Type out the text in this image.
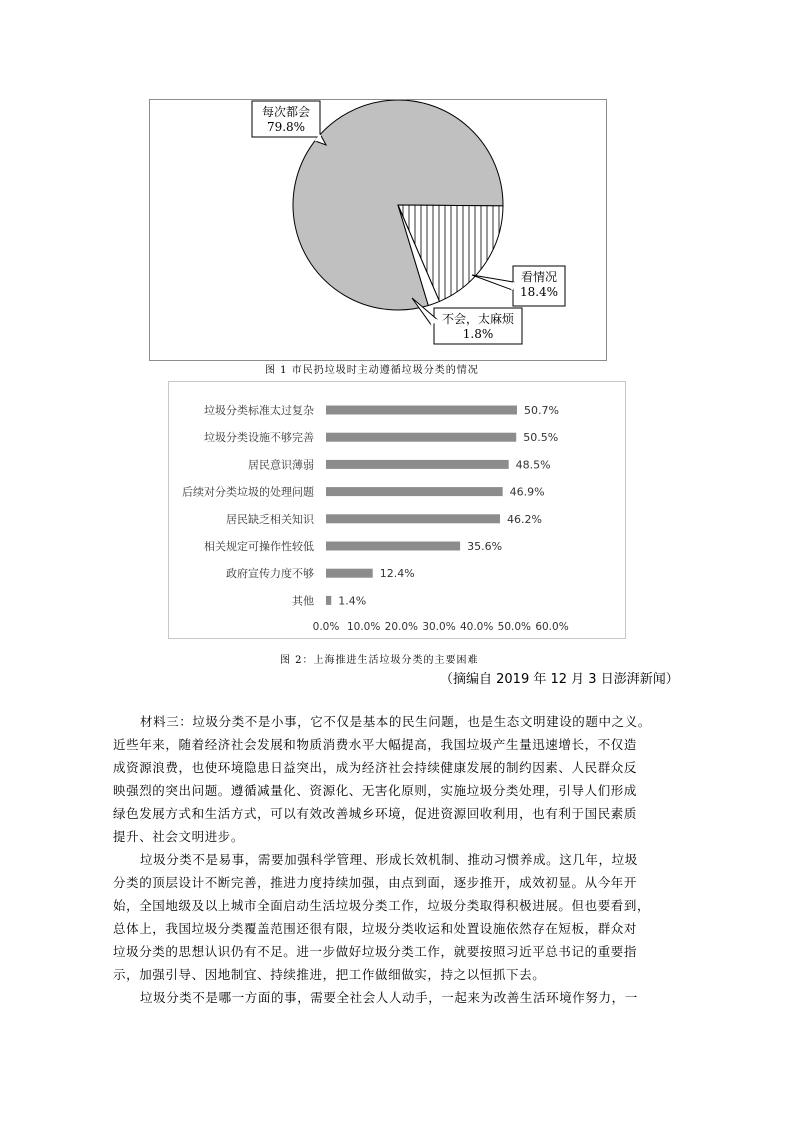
每次都会
79.8%
看情况
18.4%
不会，太麻烦
1.8%
图 1 市民扔垃圾时主动遵循垃圾分类的情况
垃圾分类标准太过复杂	50.7%
垃圾分类设施不够完善	50.5%
居民意识薄弱	48.5%
后续对分类垃圾的处理问题	46.9%
居民缺乏相关知识	46.2%
相关规定可操作性较低	35.6%
政府宣传力度不够	12.4%
其他 1.4%
0.0% 10.0% 20.0% 30.0% 40.0% 50.0% 60.0%
图 2：上海推进生活垃圾分类的主要困难
（摘编自 2019 年 12 月 3 日澎湃新闻）
材料三：垃圾分类不是小事，它不仅是基本的民生问题，也是生态文明建设的题中之义。
近些年来，随着经济社会发展和物质消费水平大幅提高，我国垃圾产生量迅速增长，不仅造
成资源浪费，也使环境隐患日益突出，成为经济社会持续健康发展的制约因素、人民群众反
映强烈的突出问题。遵循减量化、资源化、无害化原则，实施垃圾分类处理，引导人们形成
绿色发展方式和生活方式，可以有效改善城乡环境，促进资源回收利用，也有利于国民素质
提升、社会文明进步。
垃圾分类不是易事，需要加强科学管理、形成长效机制、推动习惯养成。这几年，垃圾
分类的顶层设计不断完善，推进力度持续加强，由点到面，逐步推开，成效初显。从今年开
始，全国地级及以上城市全面启动生活垃圾分类工作，垃圾分类取得积极进展。但也要看到，
总体上，我国垃圾分类覆盖范围还很有限，垃圾分类收运和处置设施依然存在短板，群众对
垃圾分类的思想认识仍有不足。进一步做好垃圾分类工作，就要按照习近平总书记的重要指
示，加强引导、因地制宜、持续推进，把工作做细做实，持之以恒抓下去。
垃圾分类不是哪一方面的事，需要全社会人人动手，一起来为改善生活环境作努力，一
